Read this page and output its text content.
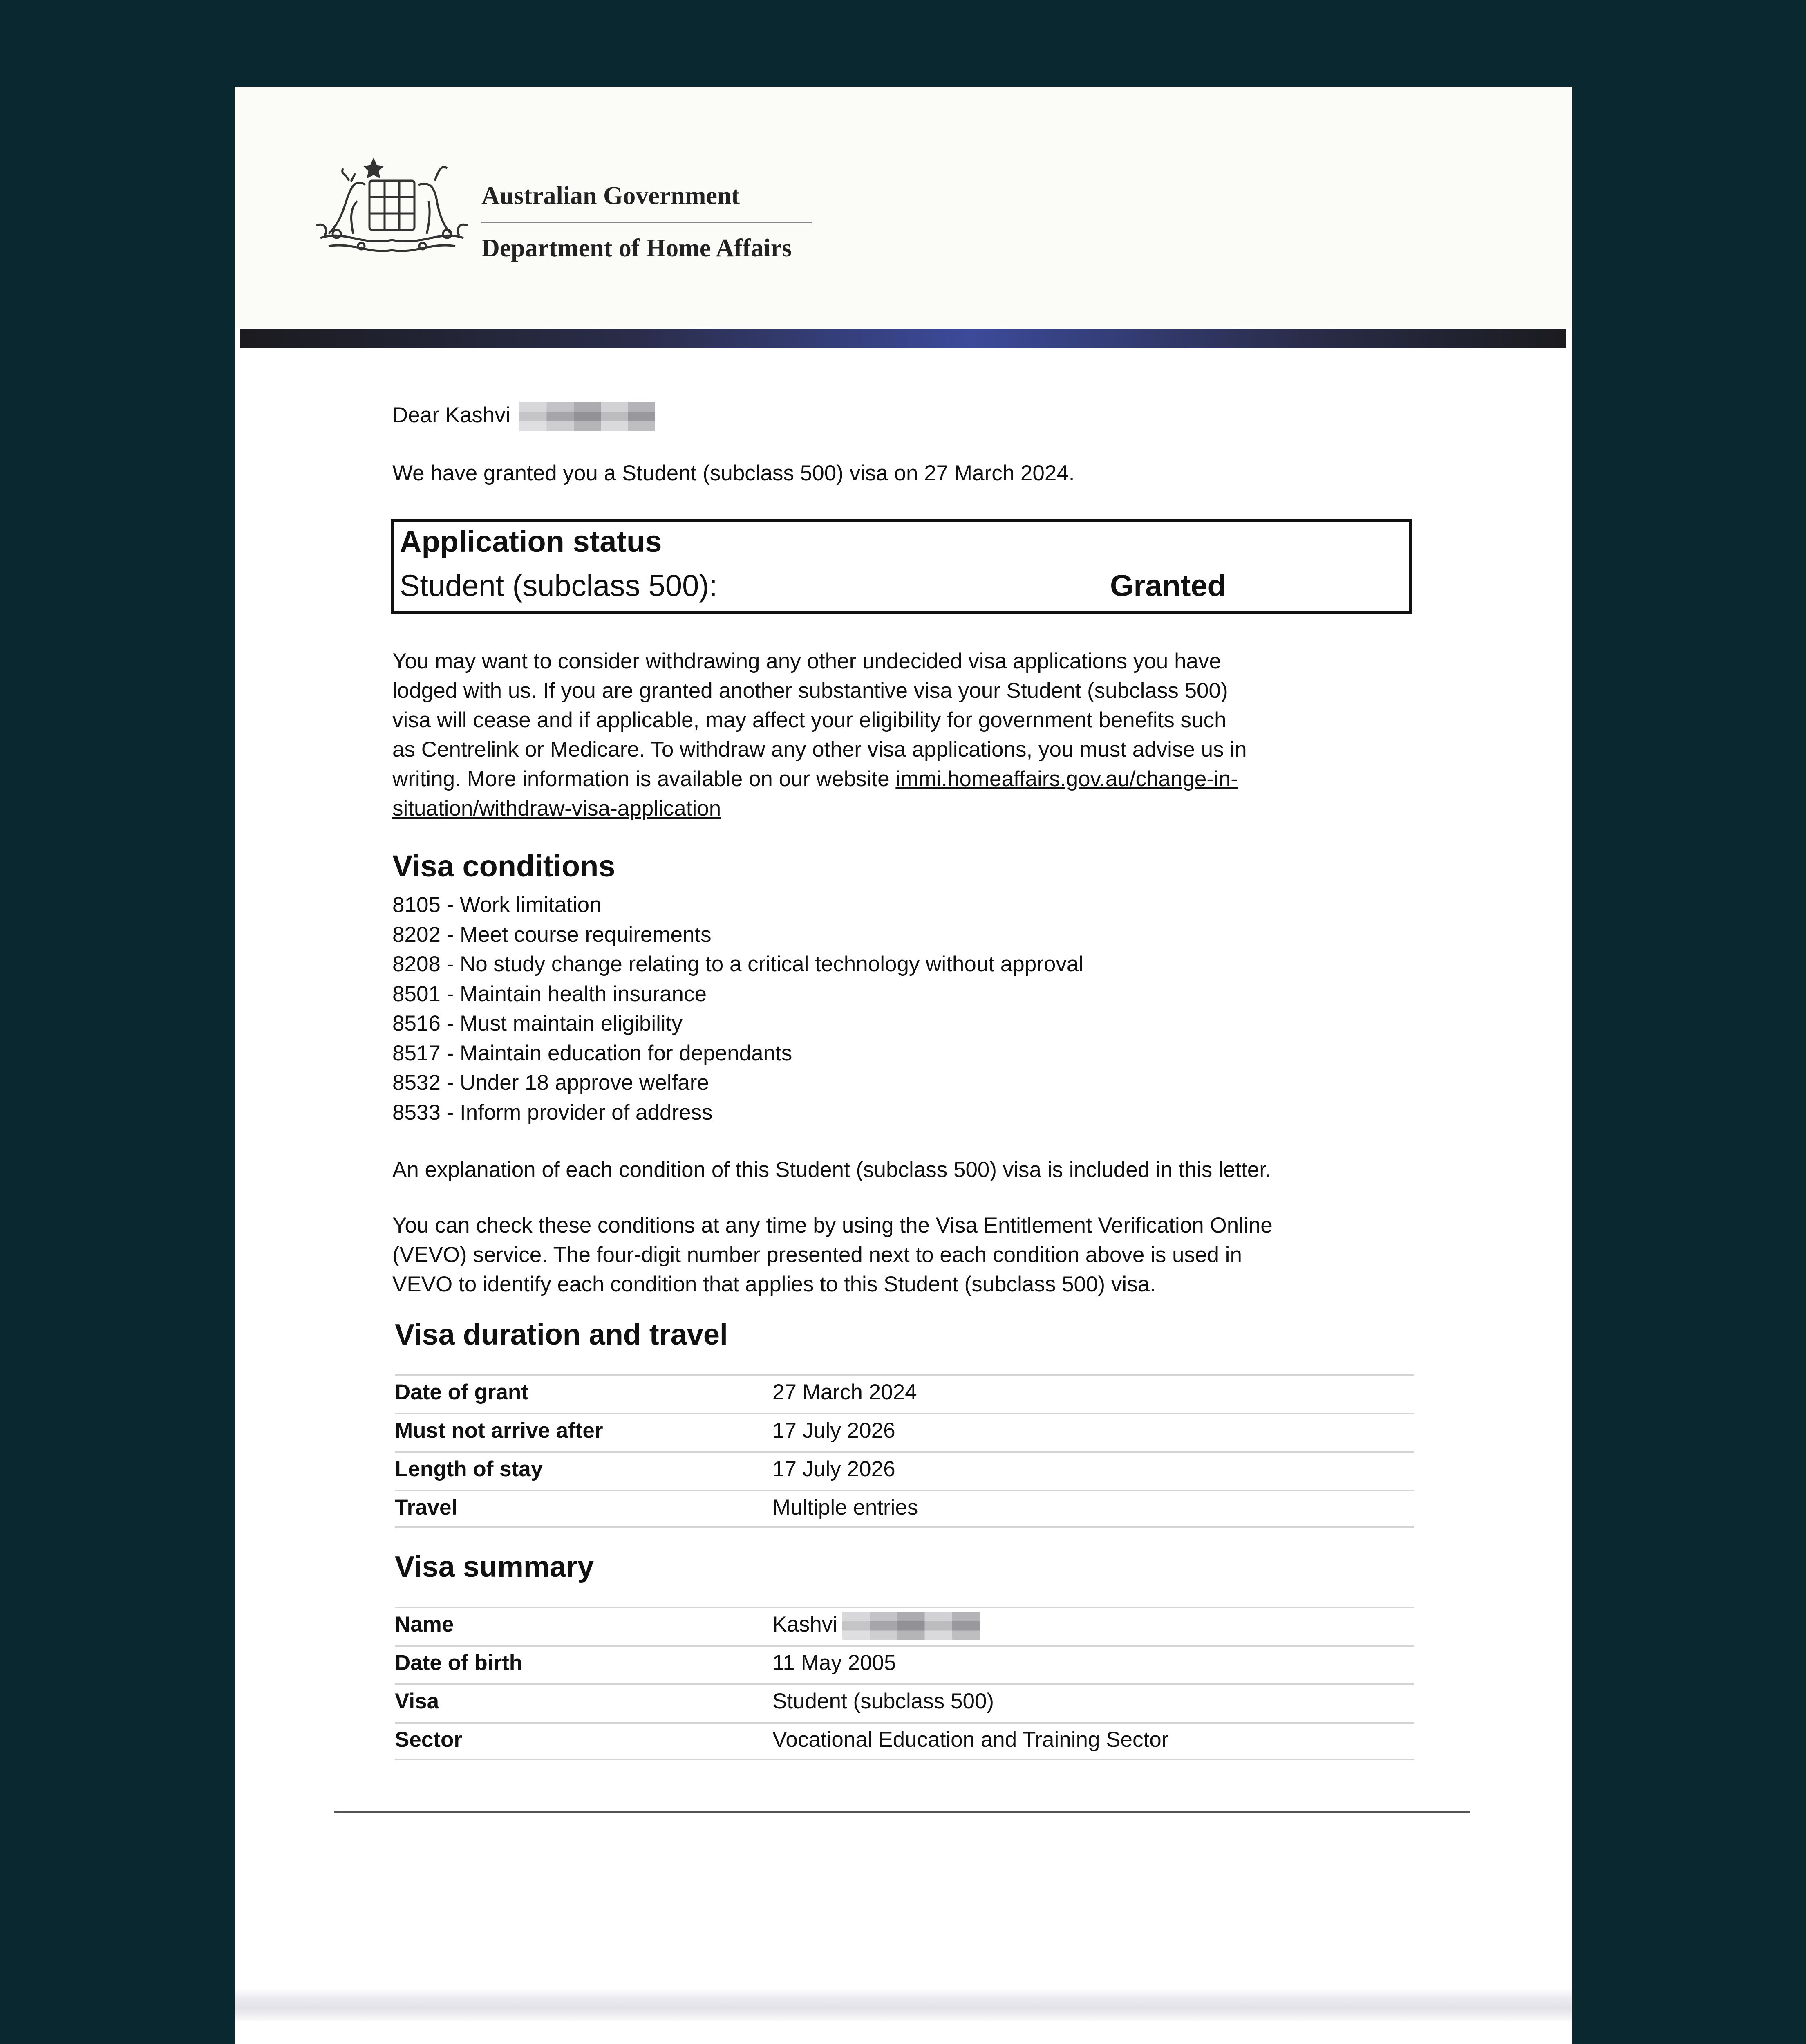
Australian Government
Department of Home Affairs

Dear Kashvi

We have granted you a Student (subclass 500) visa on 27 March 2024.

Application status
Student (subclass 500):	Granted
You may want to consider withdrawing any other undecided visa applications you have
lodged with us. If you are granted another substantive visa your Student (subclass 500)
visa will cease and if applicable, may affect your eligibility for government benefits such
as Centrelink or Medicare. To withdraw any other visa applications, you must advise us in
writing. More information is available on our website immi.homeaffairs.gov.au/change-in-
situation/withdraw-visa-application
Visa conditions
8105 - Work limitation
8202 - Meet course requirements
8208 - No study change relating to a critical technology without approval
8501 - Maintain health insurance
8516 - Must maintain eligibility
8517 - Maintain education for dependants
8532 - Under 18 approve welfare
8533 - Inform provider of address

An explanation of each condition of this Student (subclass 500) visa is included in this letter.

You can check these conditions at any time by using the Visa Entitlement Verification Online
(VEVO) service. The four-digit number presented next to each condition above is used in
VEVO to identify each condition that applies to this Student (subclass 500) visa.
Visa duration and travel
Date of grant	27 March 2024
Must not arrive after	17 July 2026
Length of stay	17 July 2026
Travel	Multiple entries
Visa summary
Name	Kashvi
Date of birth	11 May 2005
Visa	Student (subclass 500)
Sector	Vocational Education and Training Sector
